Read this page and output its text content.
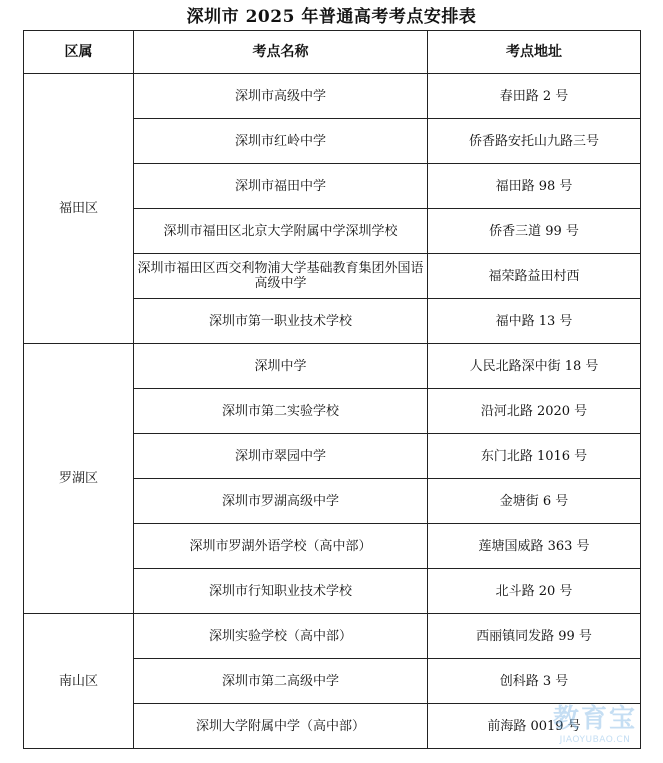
深圳市 2025 年普通高考考点安排表
区属	考点名称	考点地址
福田区	深圳市高级中学	春田路 2 号
	深圳市红岭中学	侨香路安托山九路三号
	深圳市福田中学	福田路 98 号
	深圳市福田区北京大学附属中学深圳学校	侨香三道 99 号
	深圳市福田区西交利物浦大学基础教育集团外国语高级中学	福荣路益田村西
	深圳市第一职业技术学校	福中路 13 号
罗湖区	深圳中学	人民北路深中街 18 号
	深圳市第二实验学校	沿河北路 2020 号
	深圳市翠园中学	东门北路 1016 号
	深圳市罗湖高级中学	金塘街 6 号
	深圳市罗湖外语学校（高中部）	莲塘国威路 363 号
	深圳市行知职业技术学校	北斗路 20 号
南山区	深圳实验学校（高中部）	西丽镇同发路 99 号
	深圳市第二高级中学	创科路 3 号
	深圳大学附属中学（高中部）	前海路 0019 号
教育宝
JIAOYUBAO.CN
